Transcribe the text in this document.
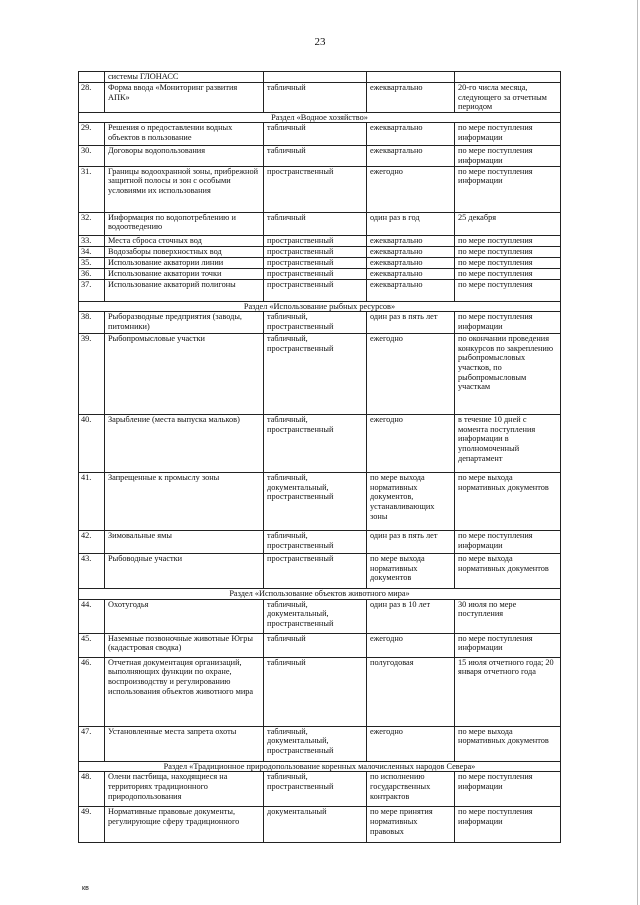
23
	системы ГЛОНАСС			
28.	Форма ввода «Мониторинг развития АПК»	табличный	ежеквартально	20-го числа месяца, следующего за отчетным периодом
Раздел «Водное хозяйство»				
29.	Решения о предоставлении водных объектов в пользование	табличный	ежеквартально	по мере поступления информации
30.	Договоры водопользования	табличный	ежеквартально	по мере поступления информации
31.	Границы водоохранной зоны, прибрежной защитной полосы и зон с особыми условиями их использования	пространственный	ежегодно	по мере поступления информации
32.	Информация по водопотреблению и водоотведению	табличный	один раз в год	25 декабря
33.	Места сброса сточных вод	пространственный	ежеквартально	по мере поступления
34.	Водозаборы поверхностных вод	пространственный	ежеквартально	по мере поступления
35.	Использование акватории линии	пространственный	ежеквартально	по мере поступления
36.	Использование акватории точки	пространственный	ежеквартально	по мере поступления
37.	Использование акваторий полигоны	пространственный	ежеквартально	по мере поступления
Раздел «Использование рыбных ресурсов»				
38.	Рыборазводные предприятия (заводы, питомники)	табличный, пространственный	один раз в пять лет	по мере поступления информации
39.	Рыбопромысловые участки	табличный, пространственный	ежегодно	по окончании проведения конкурсов по закреплению рыбопромысловых участков, по рыбопромысловым участкам
40.	Зарыбление (места выпуска мальков)	табличный, пространственный	ежегодно	в течение 10 дней с момента поступления информации в уполномоченный департамент
41.	Запрещенные к промыслу зоны	табличный, документальный, пространственный	по мере выхода нормативных документов, устанавливающих зоны	по мере выхода нормативных документов
42.	Зимовальные ямы	табличный, пространственный	один раз в пять лет	по мере поступления информации
43.	Рыбоводные участки	пространственный	по мере выхода нормативных документов	по мере выхода нормативных документов
Раздел «Использование объектов животного мира»				
44.	Охотугодья	табличный, документальный, пространственный	один раз в 10 лет	30 июля по мере поступления
45.	Наземные позвоночные животные Югры (кадастровая сводка)	табличный	ежегодно	по мере поступления информации
46.	Отчетная документация организаций, выполняющих функции по охране, воспроизводству и регулированию использования объектов животного мира	табличный	полугодовая	15 июля отчетного года; 20 января отчетного года
47.	Установленные места запрета охоты	табличный, документальный, пространственный	ежегодно	по мере выхода нормативных документов
Раздел «Традиционное природопользование коренных малочисленных народов Севера»				
48.	Олени пастбища, находящиеся на территориях традиционного природопользования	табличный, пространственный	по исполнению государственных контрактов	по мере поступления информации
49.	Нормативные правовые документы, регулирующие сферу традиционного	документальный	по мере принятия нормативных правовых	по мере поступления информации
кв
